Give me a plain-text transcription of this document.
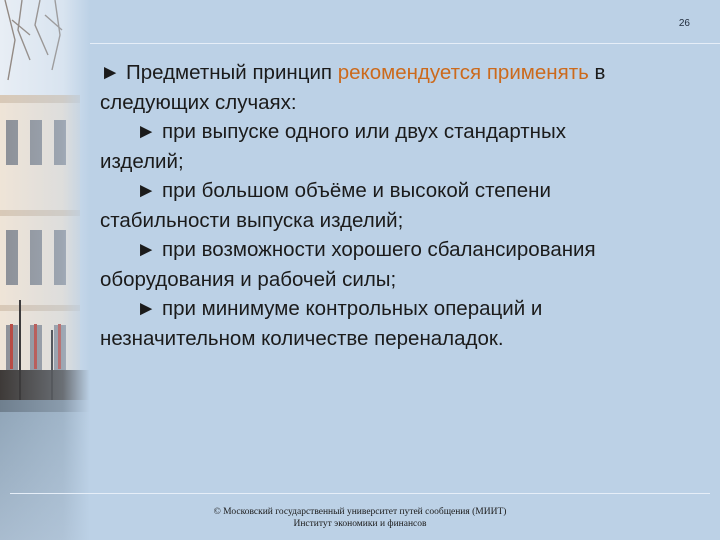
26

► Предметный принцип рекомендуется применять в следующих случаях:

► при выпуске одного или двух стандартных

изделий;

► при большом объёме и высокой степени

стабильности выпуска изделий;

► при возможности хорошего сбалансирования

оборудования и рабочей силы;

► при минимуме контрольных операций и

незначительном количестве переналадок.

© Московский государственный университет путей сообщения (МИИТ)
Институт экономики и финансов
